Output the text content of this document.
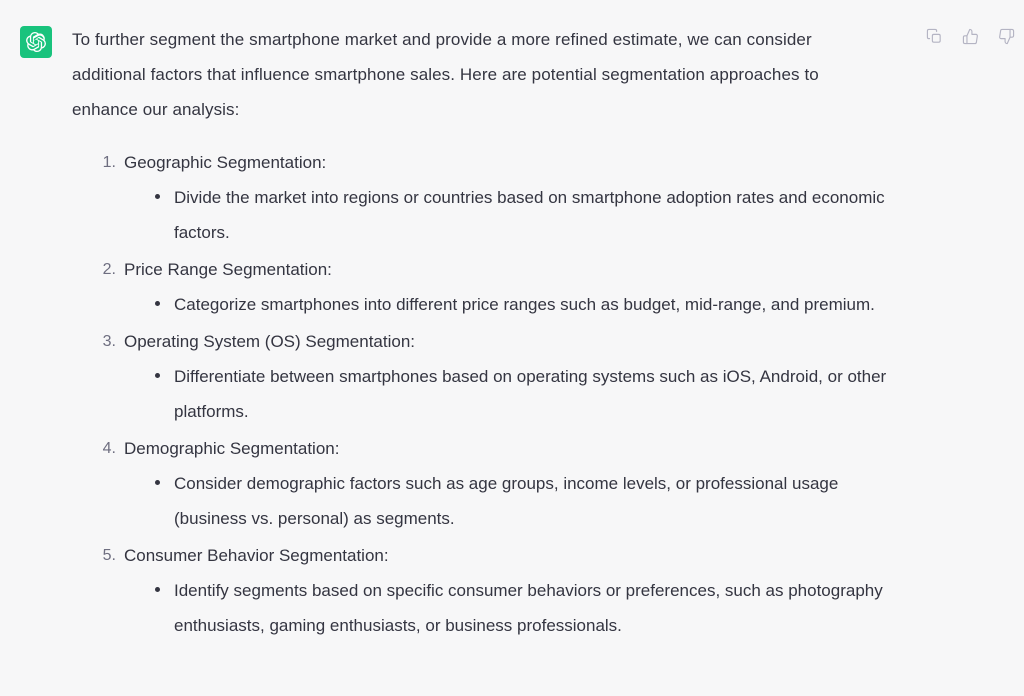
To further segment the smartphone market and provide a more refined estimate, we can consider additional factors that influence smartphone sales. Here are potential segmentation approaches to enhance our analysis:

Geographic Segmentation:
Divide the market into regions or countries based on smartphone adoption rates and economic factors.
Price Range Segmentation:
Categorize smartphones into different price ranges such as budget, mid-range, and premium.
Operating System (OS) Segmentation:
Differentiate between smartphones based on operating systems such as iOS, Android, or other platforms.
Demographic Segmentation:
Consider demographic factors such as age groups, income levels, or professional usage (business vs. personal) as segments.
Consumer Behavior Segmentation:
Identify segments based on specific consumer behaviors or preferences, such as photography enthusiasts, gaming enthusiasts, or business professionals.
